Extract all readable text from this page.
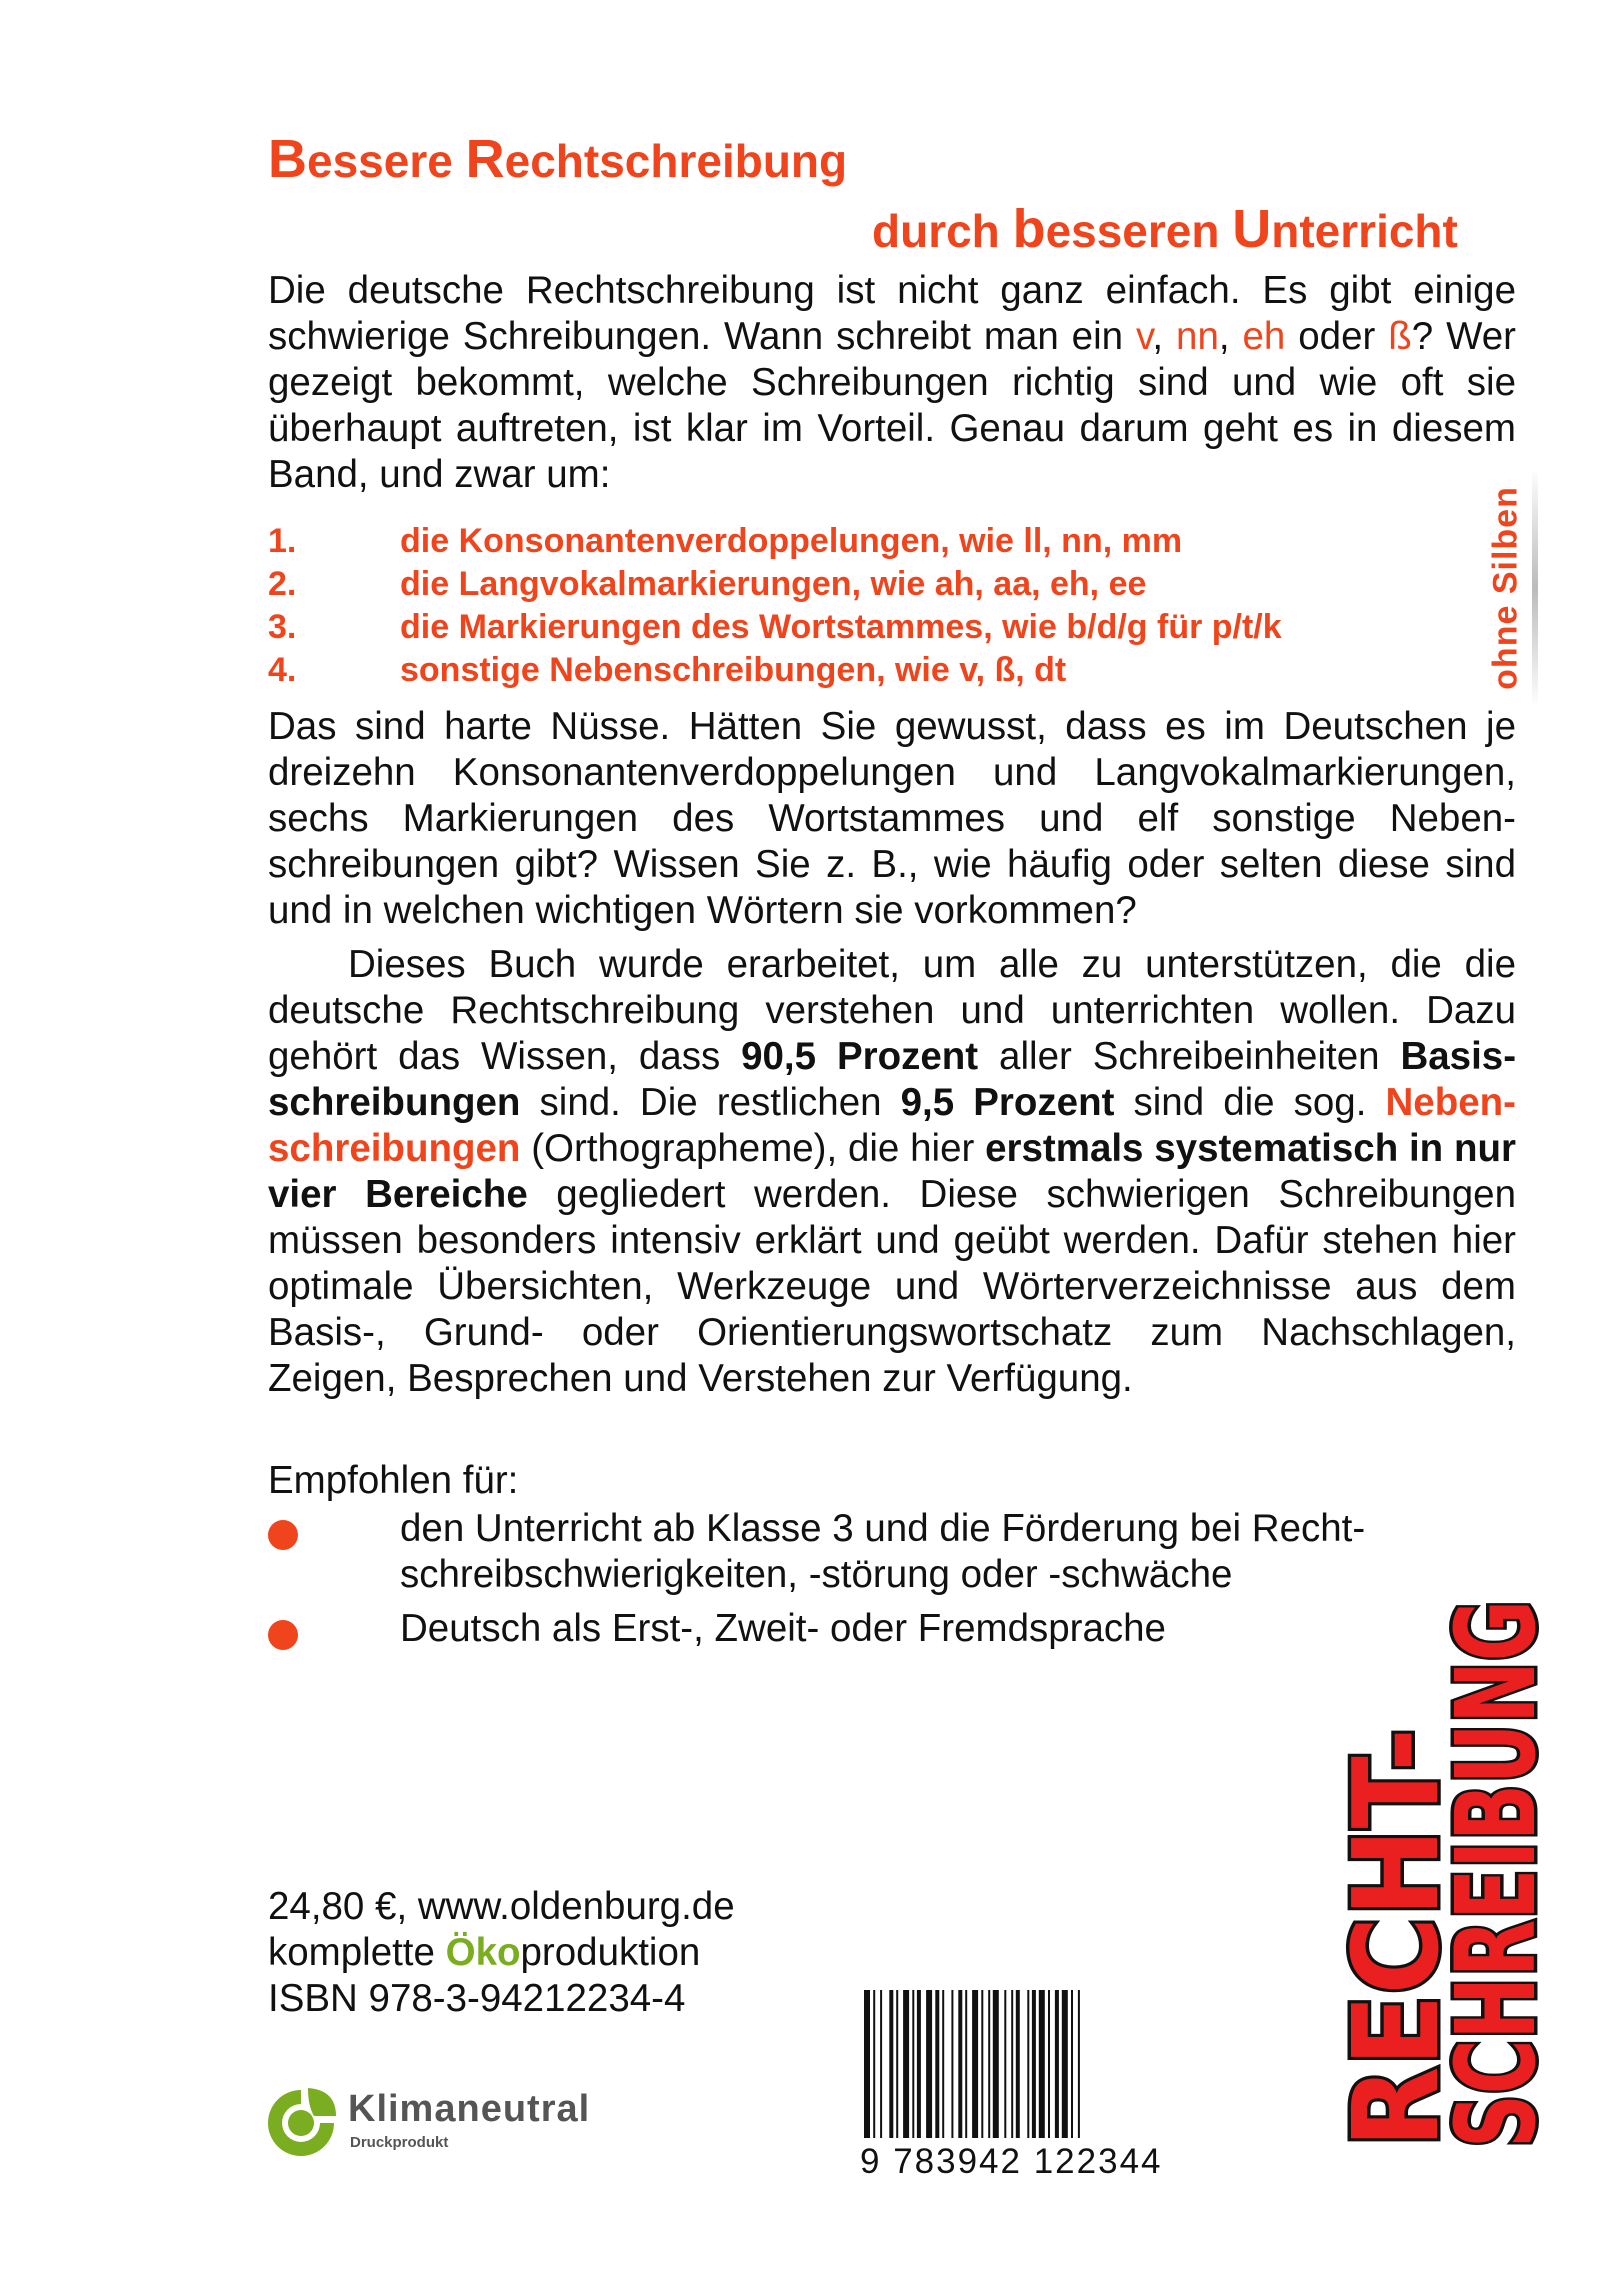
Bessere Rechtschreibung
durch besseren Unterricht
Die deutsche Rechtschreibung ist nicht ganz einfach. Es gibt einige schwierige Schreibungen. Wann schreibt man ein v, nn, eh oder ß? Wer gezeigt bekommt, welche Schreibungen richtig sind und wie oft sie überhaupt auftreten, ist klar im Vorteil. Genau darum geht es in diesem Band, und zwar um:
1.	die Konsonantenverdoppelungen, wie ll, nn, mm
2.	die Langvokalmarkierungen, wie ah, aa, eh, ee
3.	die Markierungen des Wortstammes, wie b/d/g für p/t/k
4.	sonstige Nebenschreibungen, wie v, ß, dt	ohne Silben
Das sind harte Nüsse. Hätten Sie gewusst, dass es im Deutschen je dreizehn Konsonantenverdoppelungen und Langvokalmarkierungen, sechs Markierungen des Wortstammes und elf sonstige Nebenschreibungen gibt? Wissen Sie z. B., wie häufig oder selten diese sind und in welchen wichtigen Wörtern sie vorkommen?
Dieses Buch wurde erarbeitet, um alle zu unterstützen, die die deutsche Rechtschreibung verstehen und unterrichten wollen. Dazu gehört das Wissen, dass 90,5 Prozent aller Schreibeinheiten Basisschreibungen sind. Die restlichen 9,5 Prozent sind die sog. Nebenschreibungen (Orthographeme), die hier erstmals systematisch in nur vier Bereiche gegliedert werden. Diese schwierigen Schreibungen müssen besonders intensiv erklärt und geübt werden. Dafür stehen hier optimale Übersichten, Werkzeuge und Wörterverzeichnisse aus dem Basis-, Grund- oder Orientierungswortschatz zum Nachschlagen, Zeigen, Besprechen und Verstehen zur Verfügung.
Empfohlen für:
den Unterricht ab Klasse 3 und die Förderung bei Rechtschreibschwierigkeiten, -störung oder -schwäche
Deutsch als Erst-, Zweit- oder Fremdsprache
24,80 €, www.oldenburg.de
komplette Ökoproduktion
ISBN 978-3-94212234-4
Klimaneutral
Druckprodukt	9 783942 122344
RECHT-
SCHREIBUNG
